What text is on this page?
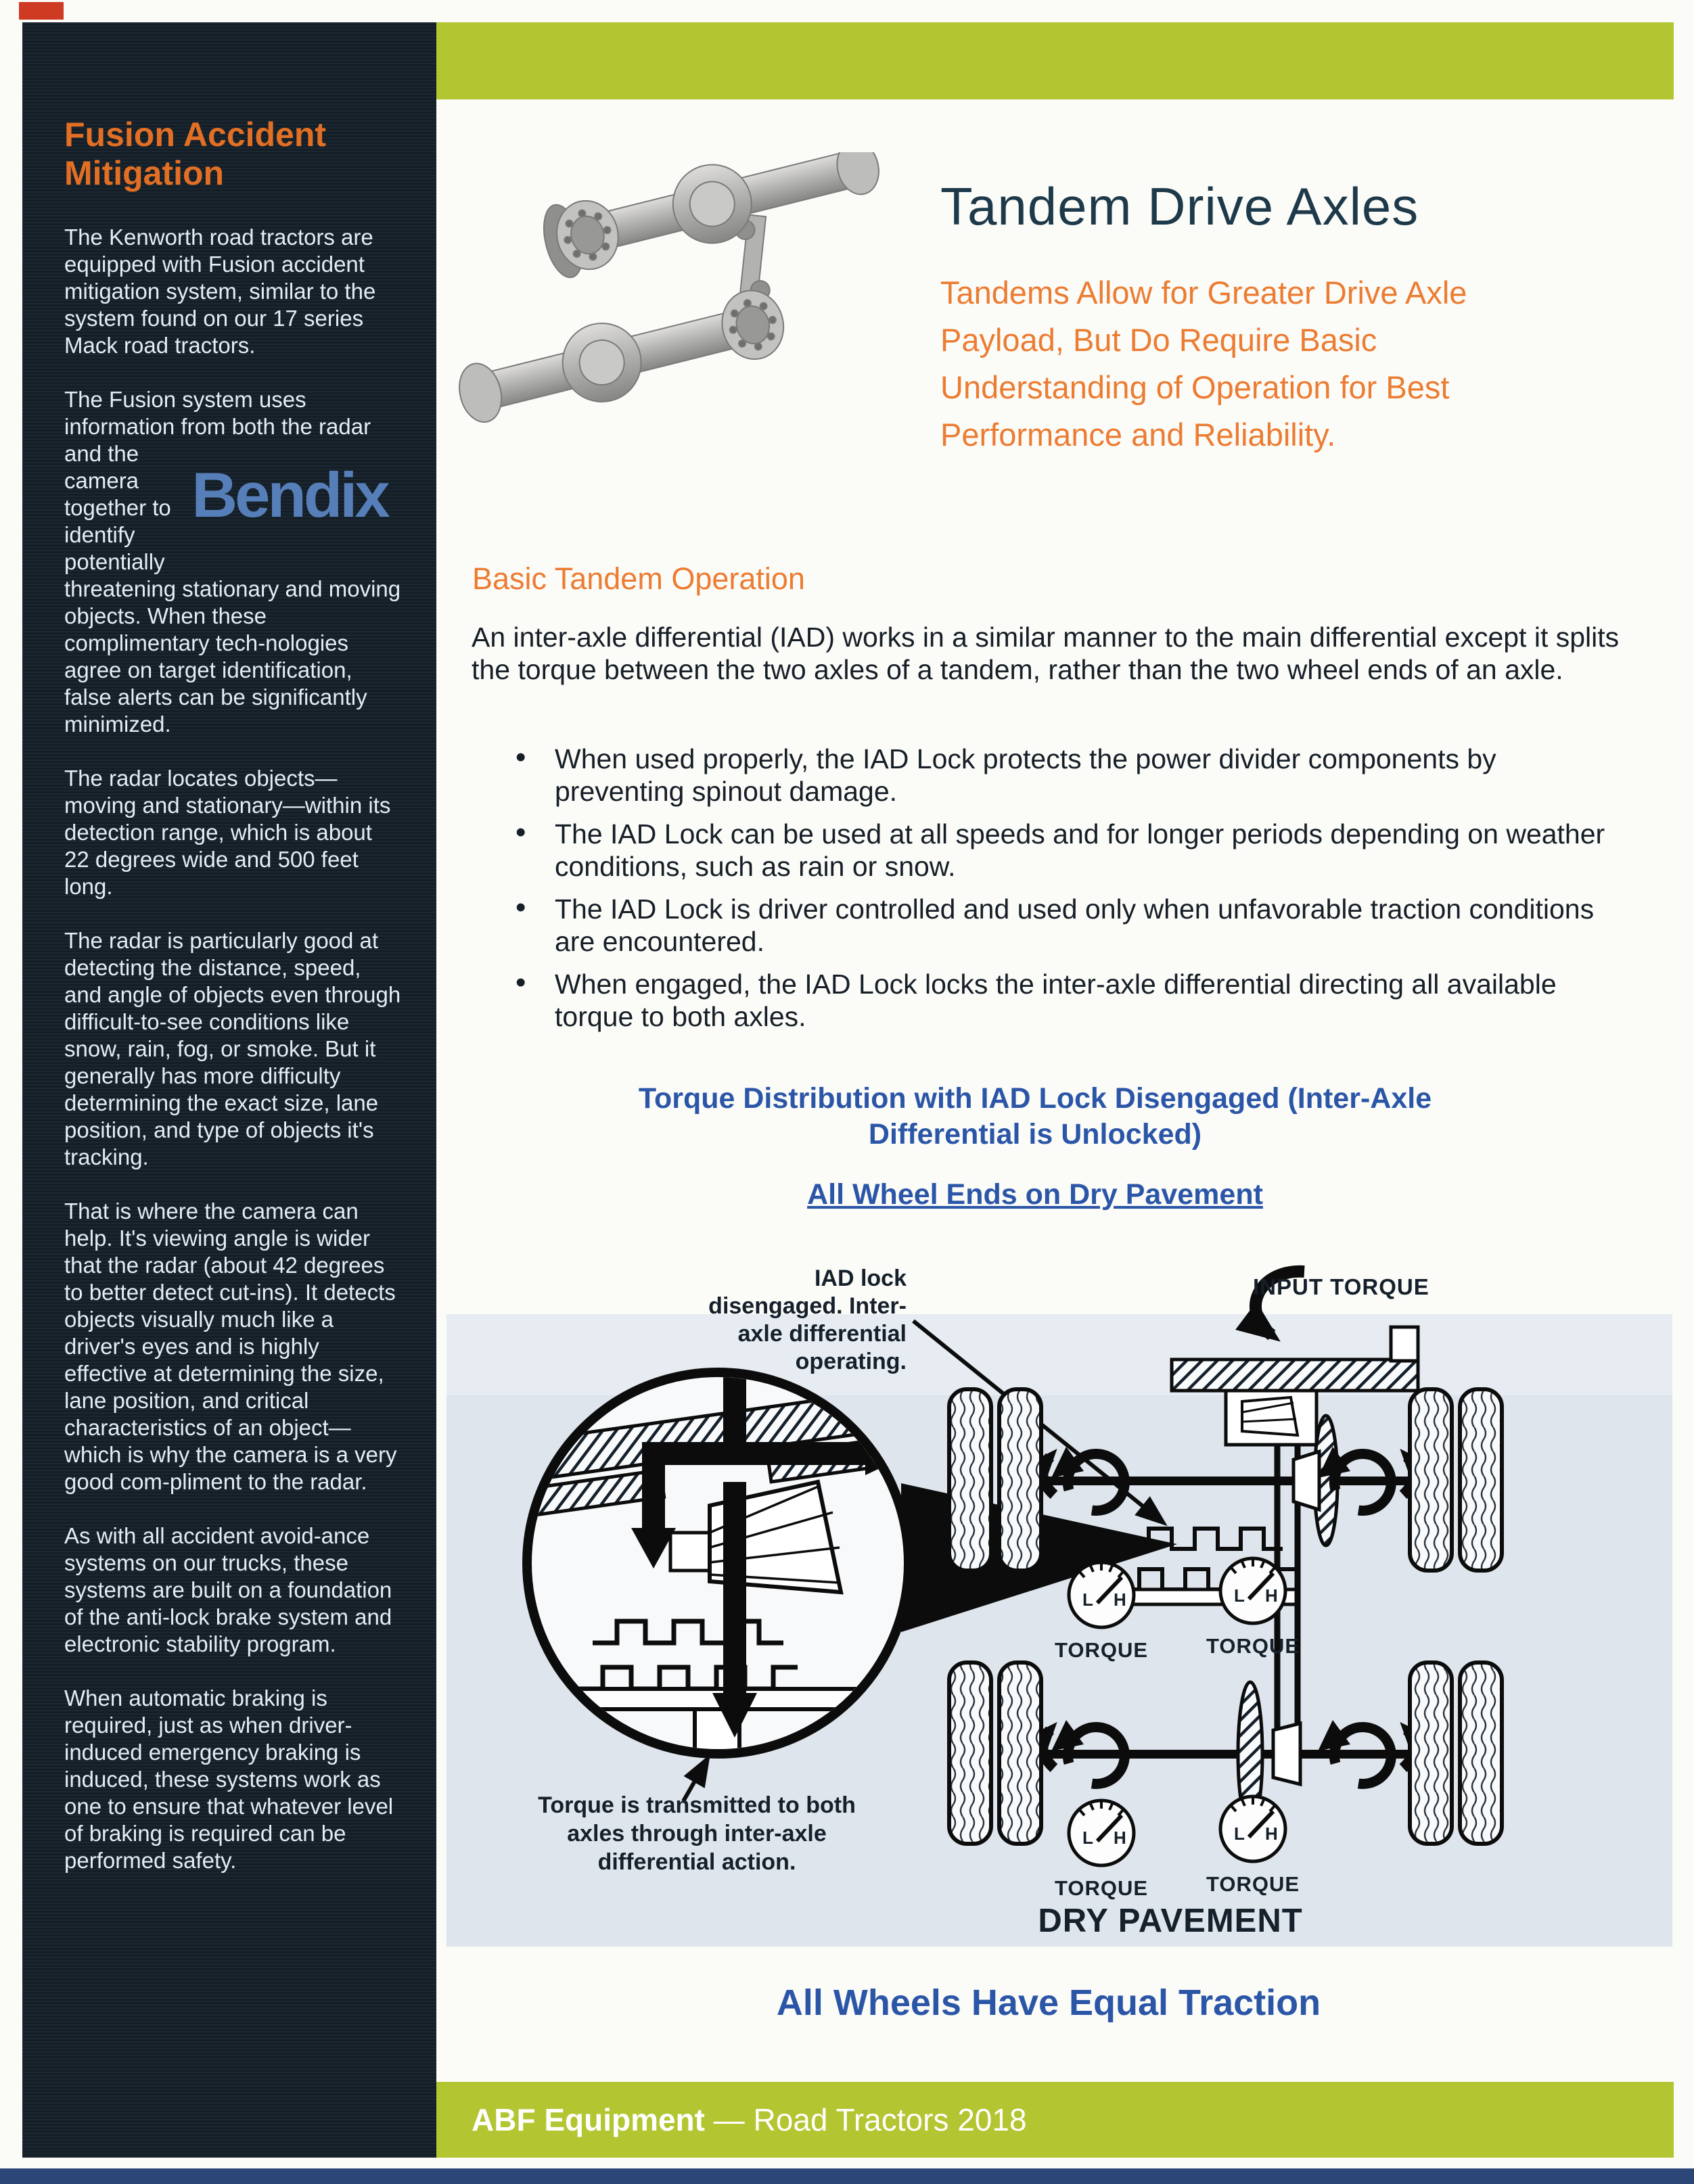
Fusion Accident Mitigation

The Kenworth road tractors are equipped with Fusion accident mitigation system, similar to the system found on our 17 series Mack road tractors.

The Fusion system uses information from both the
Bendix
radar and the camera together to identify potentially threatening stationary and moving objects. When these complimentary tech-nologies agree on target identification, false alerts can be significantly minimized.

The radar locates objects—moving and stationary—within its detection range, which is about 22 degrees wide and 500 feet long.

The radar is particularly good at detecting the distance, speed, and angle of objects even through difficult-to-see conditions like snow, rain, fog, or smoke. But it generally has more difficulty determining the exact size, lane position, and type of objects it's tracking.

That is where the camera can help. It's viewing angle is wider that the radar (about 42 degrees to better detect cut-ins). It detects objects visually much like a driver's eyes and is highly effective at determining the size, lane position, and critical characteristics of an object—which is why the camera is a very good com-pliment to the radar.

As with all accident avoid-ance systems on our trucks, these systems are built on a foundation of the anti-lock brake system and electronic stability program.

When automatic braking is required, just as when driver-induced emergency braking is induced, these systems work as one to ensure that whatever level of braking is required can be performed safety.

Tandem Drive Axles
Tandems Allow for Greater Drive Axle Payload, But Do Require Basic Understanding of Operation for Best Performance and Reliability.
Basic Tandem Operation
An inter-axle differential (IAD) works in a similar manner to the main differential except it splits the torque between the two axles of a tandem, rather than the two wheel ends of an axle.
• When used properly, the IAD Lock protects the power divider components by preventing spinout damage.
• The IAD Lock can be used at all speeds and for longer periods depending on weather conditions, such as rain or snow.
• The IAD Lock is driver controlled and used only when unfavorable traction conditions are encountered.
• When engaged, the IAD Lock locks the inter-axle differential directing all available torque to both axles.
Torque Distribution with IAD Lock Disengaged (Inter-Axle Differential is Unlocked)
All Wheel Ends on Dry Pavement
L H	L H
TORQUE	TORQUE
L H	L H
TORQUE	TORQUE
IAD lock disengaged. Inter-axle differential operating.
INPUT TORQUE
Torque is transmitted to both axles through inter-axle differential action.
DRY PAVEMENT
All Wheels Have Equal Traction
ABF Equipment — Road Tractors 2018
